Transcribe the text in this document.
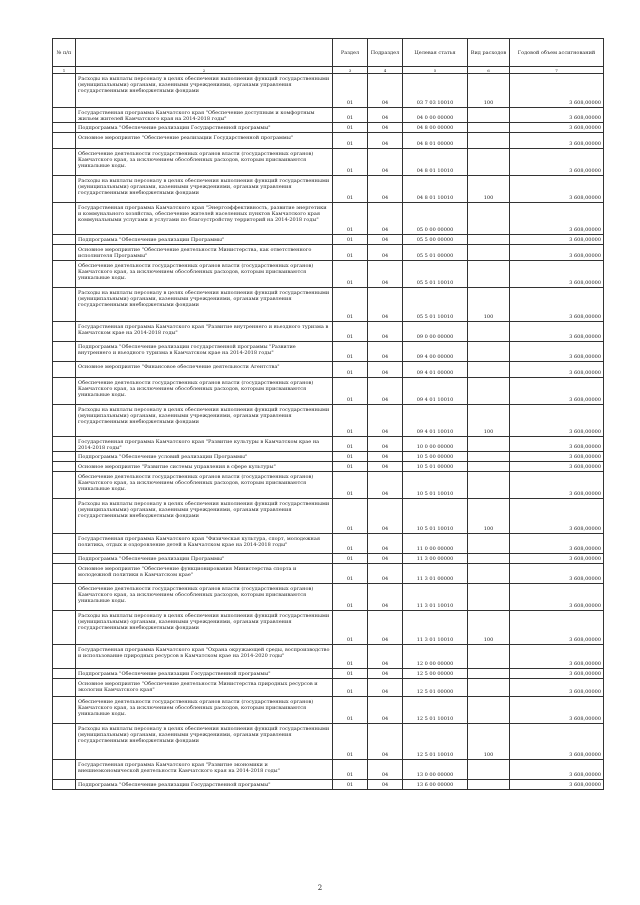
№ п/п		Раздел	Подраздел	Целевая статья	Вид расходов	Годовой объем ассигнований
1	2	3	4	5	6	7
	Расходы на выплаты персоналу в целях обеспечения выполнения функций государственными (муниципальными) органами, казенными учреждениями, органами управления государственными внебюджетными фондами	01	04	03 7 03 10010	100	3 608,00000
	Государственная программа Камчатского края "Обеспечение доступным и комфортным жильем жителей Камчатского края на 2014-2018 годы"	01	04	04 0 00 00000		3 608,00000
	Подпрограмма "Обеспечение реализации Государственной программы"	01	04	04 8 00 00000		3 608,00000
	Основное мероприятие "Обеспечение реализации Государственной программы"	01	04	04 8 01 00000		3 608,00000
	Обеспечение деятельности государственных органов власти (государственных органов) Камчатского края, за исключением обособленных расходов, которым присваиваются уникальные коды.	01	04	04 8 01 10010		3 608,00000
	Расходы на выплаты персоналу в целях обеспечения выполнения функций государственными (муниципальными) органами, казенными учреждениями, органами управления государственными внебюджетными фондами	01	04	04 8 01 10010	100	3 608,00000
	Государственная программа Камчатского края "Энергоэффективность, развитие энергетики и коммунального хозяйства, обеспечение жителей населенных пунктов Камчатского края коммунальными услугами и услугами по благоустройству территорий на 2014-2018 годы"	01	04	05 0 00 00000		3 608,00000
	Подпрограмма "Обеспечение реализации Программы"	01	04	05 5 00 00000		3 608,00000
	Основное мероприятие "Обеспечение деятельности Министерства, как ответственного исполнителя Программы"	01	04	05 5 01 00000		3 608,00000
	Обеспечение деятельности государственных органов власти (государственных органов) Камчатского края, за исключением обособленных расходов, которым присваиваются уникальные коды.	01	04	05 5 01 10010		3 608,00000
	Расходы на выплаты персоналу в целях обеспечения выполнения функций государственными (муниципальными) органами, казенными учреждениями, органами управления государственными внебюджетными фондами	01	04	05 5 01 10010	100	3 608,00000
	Государственная программа Камчатского края "Развитие внутреннего и въездного туризма в Камчатском крае на 2014-2018 годы"	01	04	09 0 00 00000		3 608,00000
	Подпрограмма "Обеспечение реализации государственной программы "Развитие внутреннего и въездного туризма в Камчатском крае на 2014-2018 годы"	01	04	09 4 00 00000		3 608,00000
	Основное мероприятие "Финансовое обеспечение деятельности Агентства"	01	04	09 4 01 00000		3 608,00000
	Обеспечение деятельности государственных органов власти (государственных органов) Камчатского края, за исключением обособленных расходов, которым присваиваются уникальные коды.	01	04	09 4 01 10010		3 608,00000
	Расходы на выплаты персоналу в целях обеспечения выполнения функций государственными (муниципальными) органами, казенными учреждениями, органами управления государственными внебюджетными фондами	01	04	09 4 01 10010	100	3 608,00000
	Государственная программа Камчатского края "Развитие культуры в Камчатском крае на 2014-2018 годы"	01	04	10 0 00 00000		3 608,00000
	Подпрограмма "Обеспечение условий реализации Программы"	01	04	10 5 00 00000		3 608,00000
	Основное мероприятие "Развитие системы управления в сфере культуры"	01	04	10 5 01 00000		3 608,00000
	Обеспечение деятельности государственных органов власти (государственных органов) Камчатского края, за исключением обособленных расходов, которым присваиваются уникальные коды.	01	04	10 5 01 10010		3 608,00000
	Расходы на выплаты персоналу в целях обеспечения выполнения функций государственными (муниципальными) органами, казенными учреждениями, органами управления государственными внебюджетными фондами	01	04	10 5 01 10010	100	3 608,00000
	Государственная программа Камчатского края "Физическая культура, спорт, молодежная политика, отдых и оздоровление детей в Камчатском крае на 2014-2018 годы"	01	04	11 0 00 00000		3 608,00000
	Подпрограмма "Обеспечение реализации Программы"	01	04	11 3 00 00000		3 608,00000
	Основное мероприятие "Обеспечение функционирования Министерства спорта и молодежной политики в Камчатском крае"	01	04	11 3 01 00000		3 608,00000
	Обеспечение деятельности государственных органов власти (государственных органов) Камчатского края, за исключением обособленных расходов, которым присваиваются уникальные коды.	01	04	11 3 01 10010		3 608,00000
	Расходы на выплаты персоналу в целях обеспечения выполнения функций государственными (муниципальными) органами, казенными учреждениями, органами управления государственными внебюджетными фондами	01	04	11 3 01 10010	100	3 608,00000
	Государственная программа Камчатского края "Охрана окружающей среды, воспроизводство и использование природных ресурсов в Камчатском крае на 2014-2020 годы"	01	04	12 0 00 00000		3 608,00000
	Подпрограмма "Обеспечение реализации Государственной программы"	01	04	12 5 00 00000		3 608,00000
	Основное мероприятие "Обеспечение деятельности Министерства природных ресурсов и экологии Камчатского края"	01	04	12 5 01 00000		3 608,00000
	Обеспечение деятельности государственных органов власти (государственных органов) Камчатского края, за исключением обособленных расходов, которым присваиваются уникальные коды.	01	04	12 5 01 10010		3 608,00000
	Расходы на выплаты персоналу в целях обеспечения выполнения функций государственными (муниципальными) органами, казенными учреждениями, органами управления государственными внебюджетными фондами	01	04	12 5 01 10010	100	3 608,00000
	Государственная программа Камчатского края "Развитие экономики и внешнеэкономической деятельности Камчатского края на 2014-2018 годы"	01	04	13 0 00 00000		3 608,00000
	Подпрограмма "Обеспечение реализации Государственной программы"	01	04	13 6 00 00000		3 608,00000
2
